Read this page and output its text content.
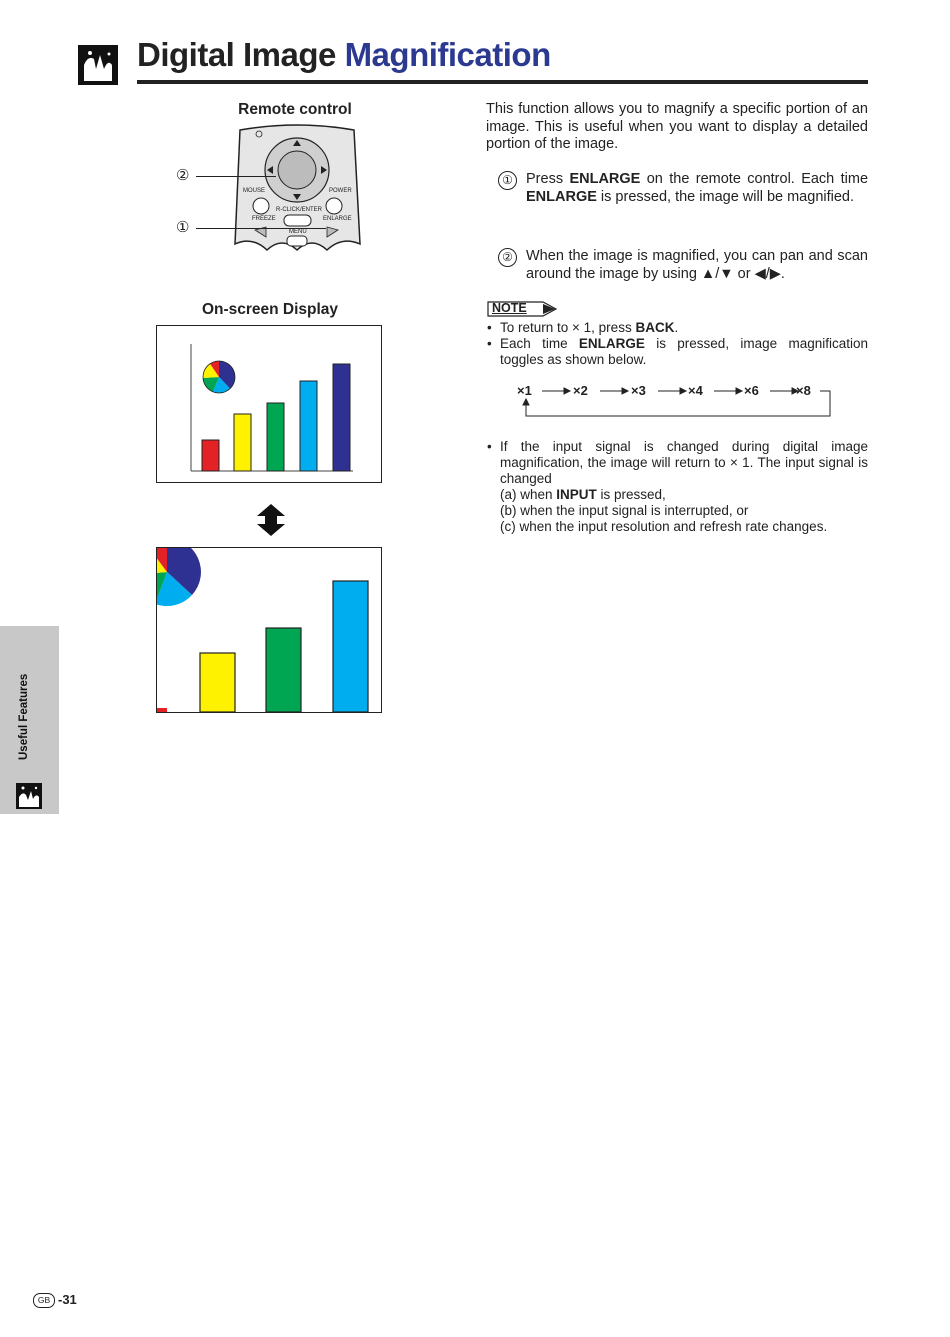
Digital Image Magnification
Remote control
MOUSE	POWER
R-CLICK/ENTER
FREEZE	ENLARGE
MENU
②
①
On-screen Display
This function allows you to magnify a specific portion of an image. This is useful when you want to display a detailed portion of the image.
① Press ENLARGE on the remote control. Each time ENLARGE is pressed, the image will be magnified.
② When the image is magnified, you can pan and scan around the image by using ▲/▼ or ◀/▶.
NOTE
• To return to × 1, press BACK.
• Each time ENLARGE is pressed, image magnification toggles as shown below.
×1	×2	×3	×4	×6	×8
• If the input signal is changed during digital image magnification, the image will return to × 1. The input signal is changed
(a) when INPUT is pressed,
(b) when the input signal is interrupted, or
(c) when the input resolution and refresh rate changes.
Useful Features
GB -31
